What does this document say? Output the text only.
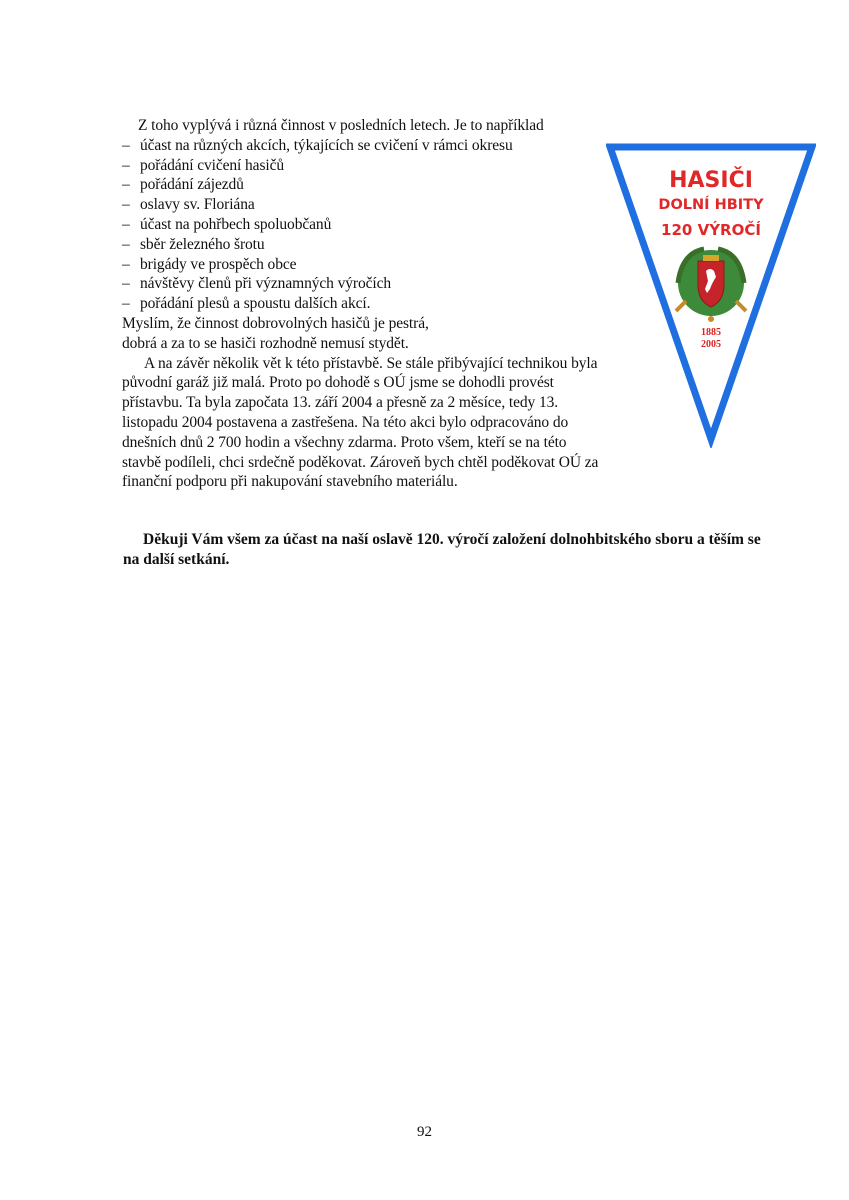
Z toho vyplývá i různá činnost v posledních letech. Je to například

– účast na různých akcích, týkajících se cvičení v rámci okresu
– pořádání cvičení hasičů
– pořádání zájezdů
– oslavy sv. Floriána
– účast na pohřbech spoluobčanů
– sběr železného šrotu
– brigády ve prospěch obce
– návštěvy členů při významných výročích
– pořádání plesů a spoustu dalších akcí.

Myslím, že činnost dobrovolných hasičů je pestrá,

dobrá a za to se hasiči rozhodně nemusí stydět.

A na závěr několik vět k této přístavbě. Se stále přibývající technikou byla původní garáž již malá. Proto po dohodě s OÚ jsme se dohodli provést přístavbu. Ta byla započata 13. září 2004 a přesně za 2 měsíce, tedy 13. listopadu 2004 postavena a zastřešena. Na této akci bylo odpracováno do dnešních dnů 2 700 hodin a všechny zdarma. Proto všem, kteří se na této stavbě podíleli, chci srdečně poděkovat. Zároveň bych chtěl poděkovat OÚ za finanční podporu při nakupování stavebního materiálu.

HASIČI
DOLNÍ HBITY
120 VÝROČÍ
1885
2005

Děkuji Vám všem za účast na naší oslavě 120. výročí založení dolnohbitského sboru a těším se na další setkání.

92
